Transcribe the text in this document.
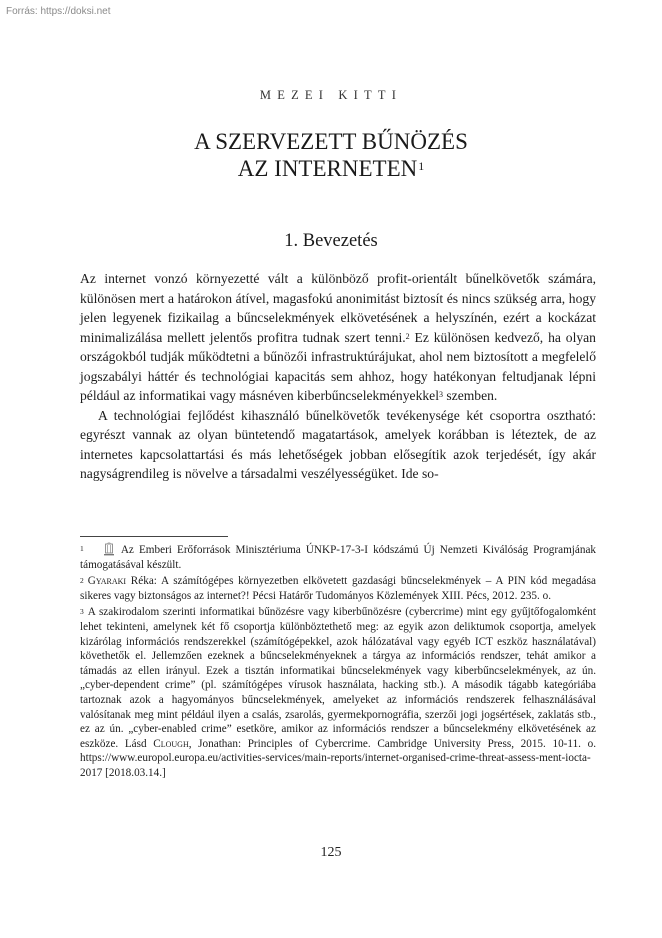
Forrás: https://doksi.net
MEZEI KITTI
A SZERVEZETT BŰNÖZÉS
AZ INTERNETEN$^1$
1. Bevezetés

Az internet vonzó környezetté vált a különböző profit-orientált bűnelkövetők számára, különösen mert a határokon átível, magasfokú anonimitást biztosít és nincs szükség arra, hogy jelen legyenek fizikailag a bűncselekmények elkövetésének a helyszínén, ezért a kockázat minimalizálása mellett jelentős profitra tudnak szert tenni.$^2$ Ez különösen kedvező, ha olyan országokból tudják működtetni a bűnözői infrastruktúrájukat, ahol nem biztosított a megfelelő jogszabályi háttér és technológiai kapacitás sem ahhoz, hogy hatékonyan feltudjanak lépni például az informatikai vagy másnéven kiberbűncselekményekkel$^3$ szemben.

A technológiai fejlődést kihasználó bűnelkövetők tevékenysége két csoportra osztható: egyrészt vannak az olyan büntetendő magatartások, amelyek korábban is léteztek, de az internetes kapcsolattartási és más lehetőségek jobban elősegítik azok terjedését, így akár nagyságrendileg is növelve a társadalmi veszélyességüket. Ide so-

$^1$	Az Emberi Erőforrások Minisztériuma ÚNKP-17-3-I kódszámú Új Nemzeti Kiválóság Programjának támogatásával készült.

$^2$ Gyaraki Réka: A számítógépes környezetben elkövetett gazdasági bűncselekmények – A PIN kód megadása sikeres vagy biztonságos az internet?! Pécsi Határőr Tudományos Közlemények XIII. Pécs, 2012. 235. o.

$^3$ A szakirodalom szerinti informatikai bűnözésre vagy kiberbűnözésre (cybercrime) mint egy gyűjtőfogalomként lehet tekinteni, amelynek két fő csoportja különböztethető meg: az egyik azon deliktumok csoportja, amelyek kizárólag információs rendszerekkel (számítógépekkel, azok hálózatával vagy egyéb ICT eszköz használatával) követhetők el. Jellemzően ezeknek a bűncselekményeknek a tárgya az információs rendszer, tehát amikor a támadás az ellen irányul. Ezek a tisztán informatikai bűncselekmények vagy kiberbűncselekmények, az ún. „cyber-dependent crime” (pl. számítógépes vírusok használata, hacking stb.). A második tágabb kategóriába tartoznak azok a hagyományos bűncselekmények, amelyeket az információs rendszerek felhasználásával valósítanak meg mint például ilyen a csalás, zsarolás, gyermekpornográfia, szerzői jogi jogsértések, zaklatás stb., ez az ún. „cyber-enabled crime” esetköre, amikor az információs rendszer a bűncselekmény elkövetésének az eszköze. Lásd Clough, Jonathan: Principles of Cybercrime. Cambridge University Press, 2015. 10-11. o. https://www.europol.europa.eu/activities-services/main-reports/internet-organised-crime-threat-assess-ment-iocta-2017 [2018.03.14.]

125
